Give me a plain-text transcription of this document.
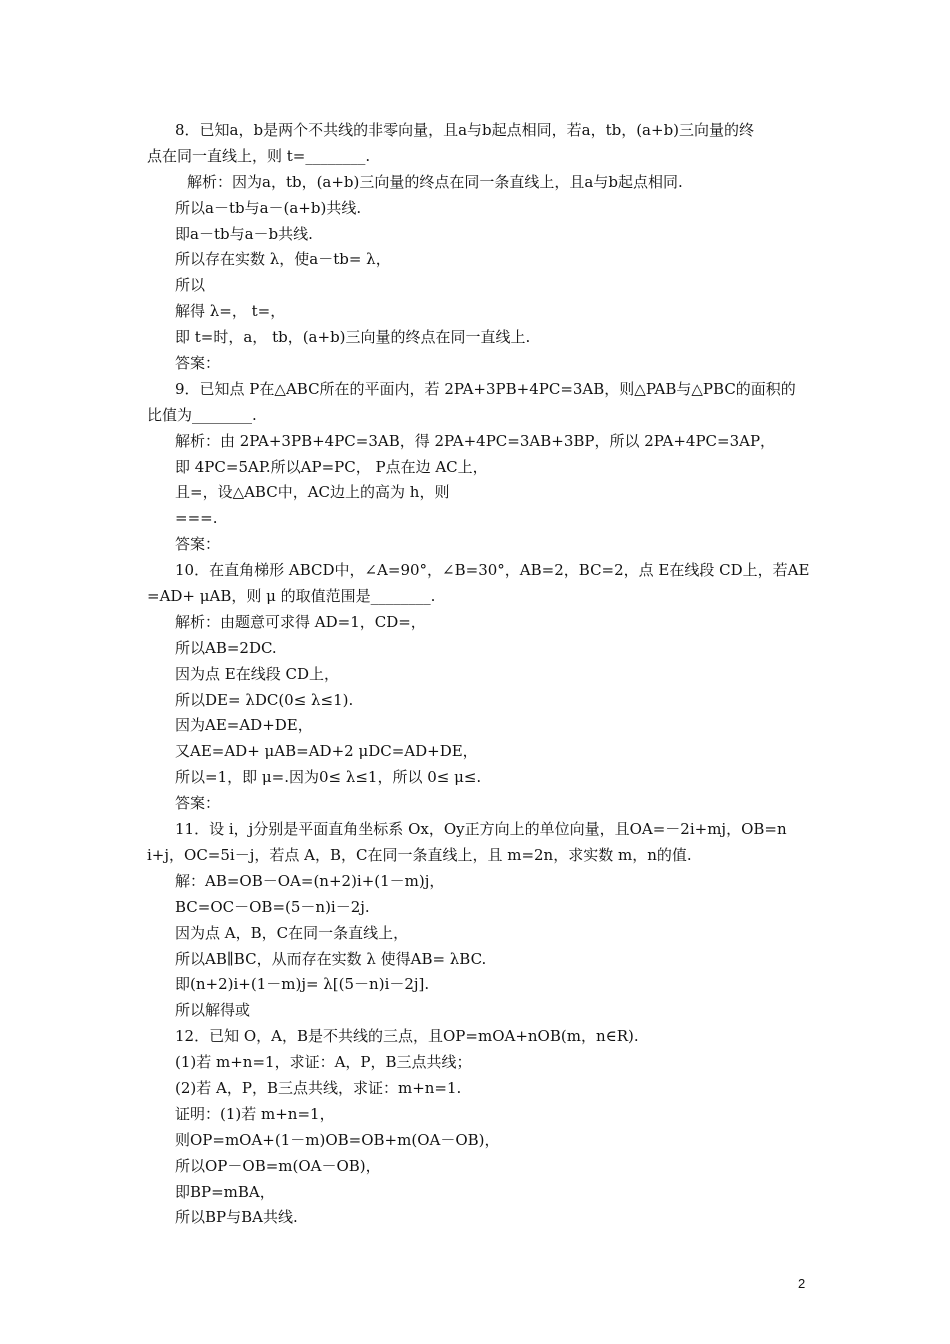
8．已知a，b是两个不共线的非零向量，且a与b起点相同，若a，tb，(a+b)三向量的终
点在同一直线上，则 t=________.
解析：因为a，tb，(a+b)三向量的终点在同一条直线上，且a与b起点相同.
所以a－tb与a－(a+b)共线.
即a－tb与a－b共线.
所以存在实数 λ，使a－tb= λ，
所以
解得 λ=， t=，
即 t=时，a， tb，(a+b)三向量的终点在同一直线上.
答案：
9．已知点 P在△ABC所在的平面内，若 2PA+3PB+4PC=3AB，则△PAB与△PBC的面积的
比值为________.
解析：由 2PA+3PB+4PC=3AB，得 2PA+4PC=3AB+3BP，所以 2PA+4PC=3AP，
即 4PC=5AP.所以AP=PC， P点在边 AC上，
且=，设△ABC中，AC边上的高为 h，则
===.
答案：
10．在直角梯形 ABCD中，∠A=90°，∠B=30°，AB=2，BC=2，点 E在线段 CD上，若AE
=AD+ μAB，则 μ 的取值范围是________.
解析：由题意可求得 AD=1，CD=，
所以AB=2DC.
因为点 E在线段 CD上，
所以DE= λDC(0≤ λ≤1).
因为AE=AD+DE，
又AE=AD+ μAB=AD+2 μDC=AD+DE，
所以=1，即 μ=.因为0≤ λ≤1，所以 0≤ μ≤.
答案：
11．设 i，j分别是平面直角坐标系 Ox，Oy正方向上的单位向量，且OA=－2i+mj，OB=n
i+j，OC=5i－j，若点 A，B，C在同一条直线上，且 m=2n，求实数 m，n的值.
解：AB=OB－OA=(n+2)i+(1－m)j，
BC=OC－OB=(5－n)i－2j.
因为点 A，B，C在同一条直线上，
所以AB∥BC，从而存在实数 λ 使得AB= λBC.
即(n+2)i+(1－m)j= λ[(5－n)i－2j].
所以解得或
12．已知 O，A，B是不共线的三点，且OP=mOA+nOB(m，n∈R).
(1)若 m+n=1，求证：A，P，B三点共线；
(2)若 A，P，B三点共线，求证：m+n=1.
证明：(1)若 m+n=1，
则OP=mOA+(1－m)OB=OB+m(OA－OB)，
所以OP－OB=m(OA－OB)，
即BP=mBA，
所以BP与BA共线.
2
